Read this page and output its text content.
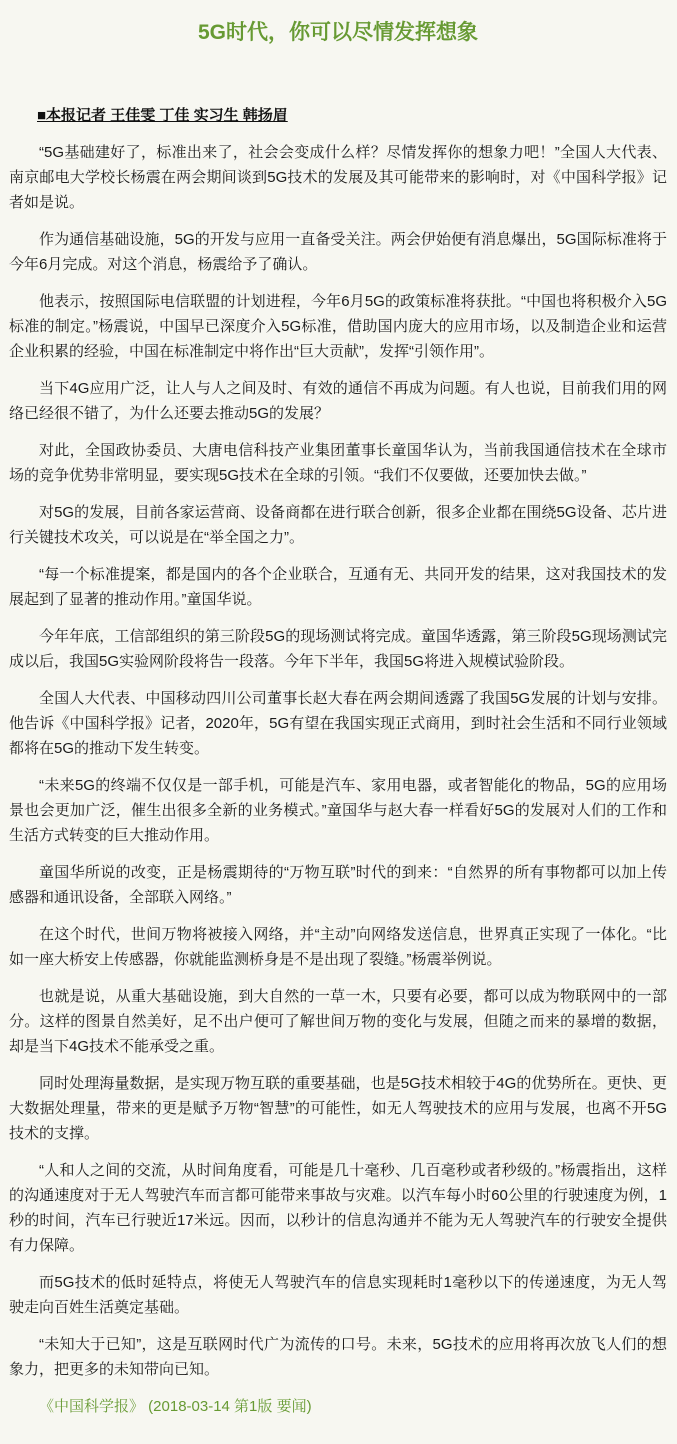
5G时代，你可以尽情发挥想象
■本报记者 王佳雯 丁佳 实习生 韩扬眉

“5G基础建好了，标准出来了，社会会变成什么样？尽情发挥你的想象力吧！”全国人大代表、南京邮电大学校长杨震在两会期间谈到5G技术的发展及其可能带来的影响时，对《中国科学报》记者如是说。

作为通信基础设施，5G的开发与应用一直备受关注。两会伊始便有消息爆出，5G国际标准将于今年6月完成。对这个消息，杨震给予了确认。

他表示，按照国际电信联盟的计划进程，今年6月5G的政策标准将获批。“中国也将积极介入5G标准的制定。”杨震说，中国早已深度介入5G标准，借助国内庞大的应用市场，以及制造企业和运营企业积累的经验，中国在标准制定中将作出“巨大贡献”，发挥“引领作用”。

当下4G应用广泛，让人与人之间及时、有效的通信不再成为问题。有人也说，目前我们用的网络已经很不错了，为什么还要去推动5G的发展？

对此，全国政协委员、大唐电信科技产业集团董事长童国华认为，当前我国通信技术在全球市场的竞争优势非常明显，要实现5G技术在全球的引领。“我们不仅要做，还要加快去做。”

对5G的发展，目前各家运营商、设备商都在进行联合创新，很多企业都在围绕5G设备、芯片进行关键技术攻关，可以说是在“举全国之力”。

“每一个标准提案，都是国内的各个企业联合，互通有无、共同开发的结果，这对我国技术的发展起到了显著的推动作用。”童国华说。

今年年底，工信部组织的第三阶段5G的现场测试将完成。童国华透露，第三阶段5G现场测试完成以后，我国5G实验网阶段将告一段落。今年下半年，我国5G将进入规模试验阶段。

全国人大代表、中国移动四川公司董事长赵大春在两会期间透露了我国5G发展的计划与安排。他告诉《中国科学报》记者，2020年，5G有望在我国实现正式商用，到时社会生活和不同行业领域都将在5G的推动下发生转变。

“未来5G的终端不仅仅是一部手机，可能是汽车、家用电器，或者智能化的物品，5G的应用场景也会更加广泛，催生出很多全新的业务模式。”童国华与赵大春一样看好5G的发展对人们的工作和生活方式转变的巨大推动作用。

童国华所说的改变，正是杨震期待的“万物互联”时代的到来：“自然界的所有事物都可以加上传感器和通讯设备，全部联入网络。”

在这个时代，世间万物将被接入网络，并“主动”向网络发送信息，世界真正实现了一体化。“比如一座大桥安上传感器，你就能监测桥身是不是出现了裂缝。”杨震举例说。

也就是说，从重大基础设施，到大自然的一草一木，只要有必要，都可以成为物联网中的一部分。这样的图景自然美好，足不出户便可了解世间万物的变化与发展，但随之而来的暴增的数据，却是当下4G技术不能承受之重。

同时处理海量数据，是实现万物互联的重要基础，也是5G技术相较于4G的优势所在。更快、更大数据处理量，带来的更是赋予万物“智慧”的可能性，如无人驾驶技术的应用与发展，也离不开5G技术的支撑。

“人和人之间的交流，从时间角度看，可能是几十毫秒、几百毫秒或者秒级的。”杨震指出，这样的沟通速度对于无人驾驶汽车而言都可能带来事故与灾难。以汽车每小时60公里的行驶速度为例，1秒的时间，汽车已行驶近17米远。因而，以秒计的信息沟通并不能为无人驾驶汽车的行驶安全提供有力保障。

而5G技术的低时延特点，将使无人驾驶汽车的信息实现耗时1毫秒以下的传递速度，为无人驾驶走向百姓生活奠定基础。

“未知大于已知”，这是互联网时代广为流传的口号。未来，5G技术的应用将再次放飞人们的想象力，把更多的未知带向已知。

《中国科学报》 (2018-03-14 第1版 要闻)
